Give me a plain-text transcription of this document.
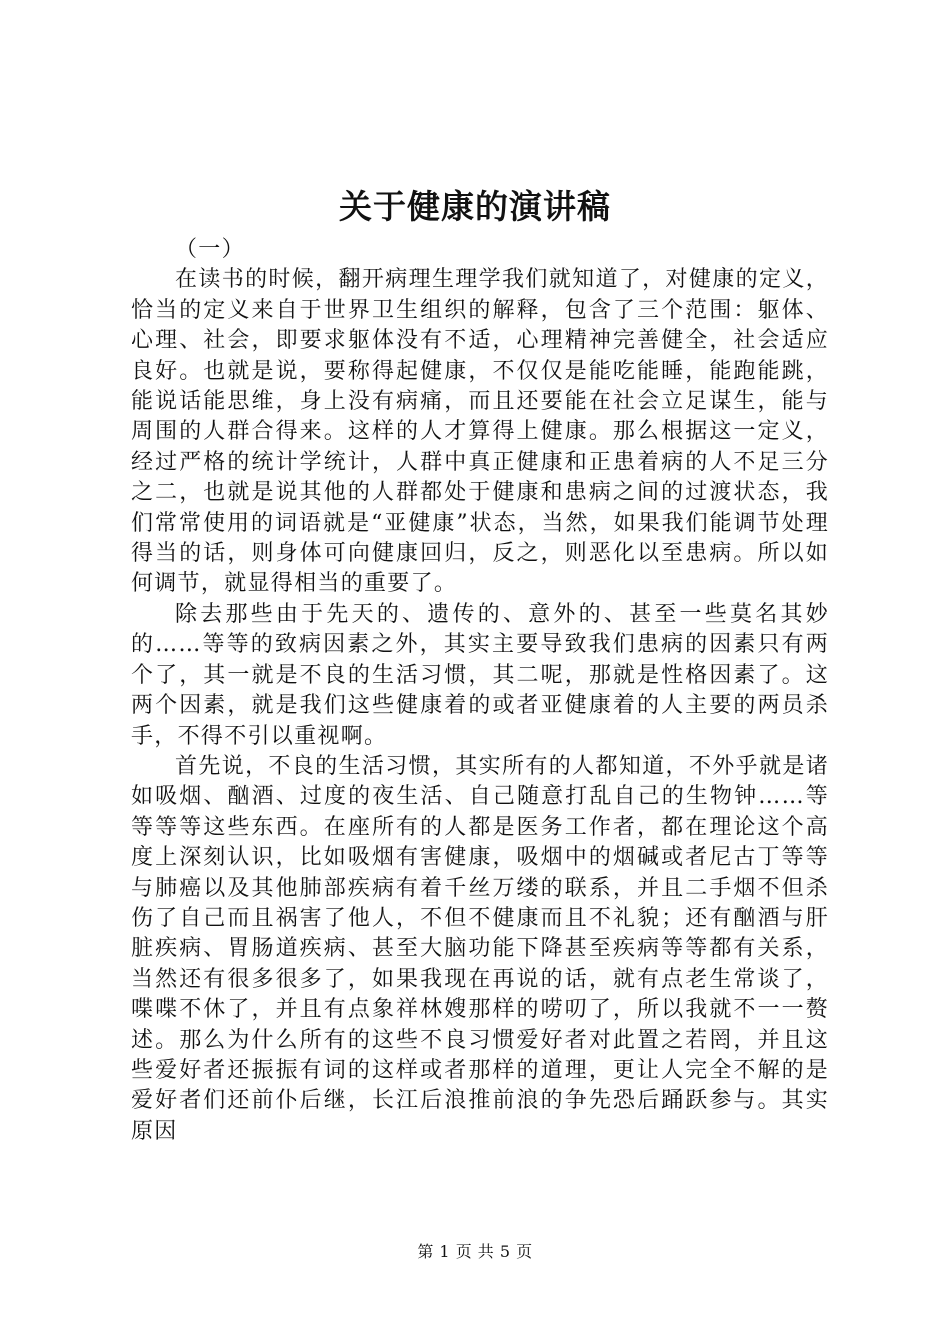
关于健康的演讲稿

（一）

在读书的时候，翻开病理生理学我们就知道了，对健康的定义，恰当的定义来自于世界卫生组织的解释，包含了三个范围：躯体、心理、社会，即要求躯体没有不适，心理精神完善健全，社会适应良好。也就是说，要称得起健康，不仅仅是能吃能睡，能跑能跳，能说话能思维，身上没有病痛，而且还要能在社会立足谋生，能与周围的人群合得来。这样的人才算得上健康。那么根据这一定义，经过严格的统计学统计，人群中真正健康和正患着病的人不足三分之二，也就是说其他的人群都处于健康和患病之间的过渡状态，我们常常使用的词语就是“亚健康”状态，当然，如果我们能调节处理得当的话，则身体可向健康回归，反之，则恶化以至患病。所以如何调节，就显得相当的重要了。

除去那些由于先天的、遗传的、意外的、甚至一些莫名其妙的……等等的致病因素之外，其实主要导致我们患病的因素只有两个了，其一就是不良的生活习惯，其二呢，那就是性格因素了。这两个因素，就是我们这些健康着的或者亚健康着的人主要的两员杀手，不得不引以重视啊。

首先说，不良的生活习惯，其实所有的人都知道，不外乎就是诸如吸烟、酗酒、过度的夜生活、自己随意打乱自己的生物钟……等等等等这些东西。在座所有的人都是医务工作者，都在理论这个高度上深刻认识，比如吸烟有害健康，吸烟中的烟碱或者尼古丁等等与肺癌以及其他肺部疾病有着千丝万缕的联系，并且二手烟不但杀伤了自己而且祸害了他人，不但不健康而且不礼貌；还有酗酒与肝脏疾病、胃肠道疾病、甚至大脑功能下降甚至疾病等等都有关系，当然还有很多很多了，如果我现在再说的话，就有点老生常谈了，喋喋不休了，并且有点象祥林嫂那样的唠叨了，所以我就不一一赘述。那么为什么所有的这些不良习惯爱好者对此置之若罔，并且这些爱好者还振振有词的这样或者那样的道理，更让人完全不解的是爱好者们还前仆后继，长江后浪推前浪的争先恐后踊跃参与。其实原因

第 1 页 共 5 页
